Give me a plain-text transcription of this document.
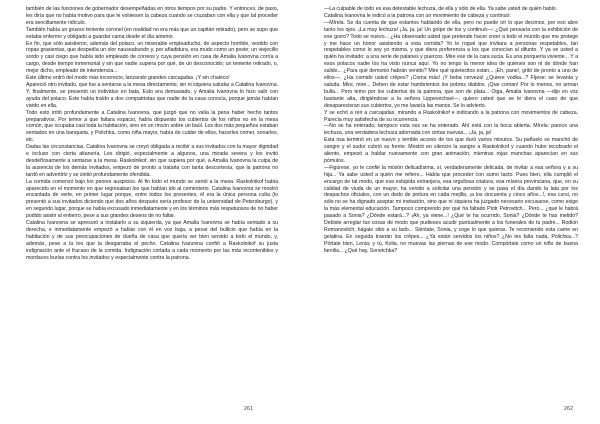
también de las funciones de gobernador desempeñadas en otros tiempos por su padre. Y entonces, de paso, les diría que no había motivo para que le volviesen la cabeza cuando se cruzaban con ella y que tal proceder era sencillamente ridículo.

También había un grueso teniente coronel (en realidad no era más que un capitán retirado), pero se supo que estaba enfermo y obligado a guardar cama desde el día anterior.

En fin, que sólo asistieron, además del polaco, un miserable empleaducho, de aspecto horrible, vestido con ropas grasientas, que despedía un olor nauseabundo y, por añadidura, era mudo como un poste; un viejecillo sordo y casi ciego que había sido empleado de correos y cuya pensión en casa de Amalia Ivanovna corría a cargo, desde tiempo inmemorial y sin que nadie supiera por qué, de un desconocido; un teniente retirado, o, mejor dicho, empleado de intendencia...

Éste último entró del modo más incorrecto, lanzando grandes carcajadas. ¡Y sin chaleco!

Apareció otro invitado, que fue a sentarse a la mesa directamente, sin ni siquiera saludar a Catalina Ivanovna. Y, finalmente, se presentó un individuo en bata. Esto era demasiado, y Amalia Ivanovna lo hizo salir con ayuda del polaco. Éste había traído a dos compatriotas que nadie de la casa conocía, porque jamás habían vivido en ella.

Todo esto irritó profundamente a Catalina Ivanovna, que juzgó que no valía la pena haber hecho tantos preparativos. Por temor a que faltara espacio, había dispuesto los cubiertos de los niños no en la mesa común, que ocupaba casi toda la habitación, sino en un rincón sobre un baúl. Los dos más pequeños estaban sentados en una banqueta, y Polichka, como niña mayor, había de cuidar de ellos, hacerles comer, sonarles, etc.

Dadas las circunstancias, Catalina Ivanovna se creyó obligada a recibir a sus invitados con la mayor dignidad e incluso con cierta altanería. Les dirigió, especialmente a algunos, una mirada severa y los invitó desdeñosamente a sentarse a la mesa. Raskolnikof, sin que supiera por qué, a Amalia Ivanovna la culpa de la ausencia de los demás invitados, empezó de pronto a tratarla con tanta descortesía, que la patrona no tardó en advertirlo y se sintió profundamente ofendida.

La comida comenzó bajo los peores auspicios. Al fin todo el mundo se sentó a la mesa. Raskolnikof había aparecido en el momento en que regresaban los que habían ido al cementerio. Catalina Ivanovna se mostró encantada de verle, en primer lugar porque, entre todos los presentes, él era la única persona culta (lo presentó a sus invitados diciendo que dos años después sería profesor de la universidad de Petersburgo), y en segundo lugar, porque se había excusado inmediatamente y en los términos más respetuosos de no haber podido asistir al entierro, pese a sus grandes deseos de no faltar.

Catalina Ivanovna se apresuró a instalarlo a su izquierda, ya que Amalia Ivanovna se había sentado a su derecha, e inmediatamente empezó a hablar con él en voz baja, a pesar del bullicio que había en la habitación y de sus preocupaciones de dueña de casa que quería ver bien servido a todo el mundo, y, además, pese a la tos que la desgarraba el pecho. Catalina Ivanovna confió a Raskolnikof su justa indignación ante el fracaso de la comida. Indignación cortada a cada momento por las más incontenibles y mordaces burlas contra los invitados y especialmente contra la patrona.

261

—La culpable de todo es esa detestable lechuza, de ella y sólo de ella. Ya sabe usted de quién hablo.

Catalina Ivanovna le indicó a la patrona con un movimiento de cabeza y continuó:

—Mírela. Se da cuenta de que estamos hablando de ella, pero no puede oír lo que decimos, por eso abre tanto los ojos. ¡La muy lechuza! ¡Ja, ja, ja! Un golpe de tos y continuó—: ¿Qué pensaría con la exhibición de ese gorro? Todo se nuevo... ¿Ha observado usted que pretende hacer creer a todo el mundo que me protege y me hace un honor asistiendo a esta comida? Yo le rogué que invitara a personas respetables, tan respetables como lo soy yo misma, y que diera preferencia a los que conocían al difunto. Y ya ve usted a quién ha invitado: a una serie de patanes y puercos. Mire ese de la cara sucia. Es una porquería viviente... Y a esos polacos nadie los ha visto nunca aquí. Yo no tengo la menor idea de quiénes son ni de dónde han salido... ¿Para qué demonio habrán venido? Mire qué quietecitos están... ¡Eh, pane!, gritó de pronto a uno de ellos—. ¿Ha comido usted crêpes? ¡Coma más! ¡Y beba cerveza! ¿Quiere vodka...? Fíjese: se levanta y saluda. Mire, mire... Deben de estar hambrientos los pobres diablos. ¡Que coman! Por lo menos, no arman bulla... Pero temo por los cubiertos de la patrona, que son de plata... Oiga, Amalia Ivanovna —dijo en voz bastante alta, dirigiéndose a la señora Lippevechsel—, quiero usted que se le diera el caso de que desaparecieran sus cubiertos, yo me lavaría las manos. Se lo advierto.

Y se echó a reír a carcajadas, mirando a Raskolnikof e indicando a la patrona con movimientos de cabeza. Parecía muy satisfecha de su ocurrencia.

—No se ha enterado, tampoco esta vez se ha enterado. Ahí está con la boca abierta. Mírela: parece una lechuza, una verdadera lechuza adornada con cintas nuevas... ¡Ja, ja, ja!

Esta risa terminó en un nuevo y terrible acceso de tos que duró varios minutos. Su pañuelo se manchó de sangre y el sudor cubrió su frente. Mostró en silencio la sangre a Raskolnikof y cuando hubo recobrado el aliento, empezó a hablar nuevamente con gran animación, mientras rojas manchas aparecían en sus pómulos.

—Figúrese, yo le confié la misión delicadísima, sí, verdaderamente delicada, de invitar a esa señora y a su hija... Ya sabe usted a quién me refiero... Había que proceder con sumo tacto. Pues bien, ella cumplió el encargo de tal modo, que esa estúpida extranjera, esa orgullosa criatura, esa mísera provinciana, que, en su calidad de viuda de un mayor, ha venido a solicitar una pensión y se pasa el día dando la lata por los despachos oficiales, con un dedo de pintura en cada mejilla, ¡a los cincuenta y cinco años...!, esa cursi, no sólo no se ha dignado aceptar mi invitación, sino que ni siquiera ha juzgado necesario excusarse, como exige la más elemental educación. Tampoco comprendo por qué ha faltado Piotr Petrovitch... Pero... ¿qué le habrá pasado a Sonia? ¿Dónde estará...? ¡Ah, ya viene...! ¿Qué te ha ocurrido, Sonia? ¿Dónde te has metido? Debiste arreglar tus cosas de modo que pudieses acudir puntualmente a los funerales de tu padre... Rodion Romanovitch, hágale sitio a su lado... Siéntate, Sonia, y coge lo que quieras. Te recomiendo esta carne en gelatina. En seguida traerán los crêpes... ¿Ya están servidos los niños? ¿No les falta nada, Polichka...? Pórtate bien, Lenia; y tú, Kolia, no muevas las piernas de ese modo. Compórtate como un niño de buena familia... ¿Qué hay, Sonetchka?

262
